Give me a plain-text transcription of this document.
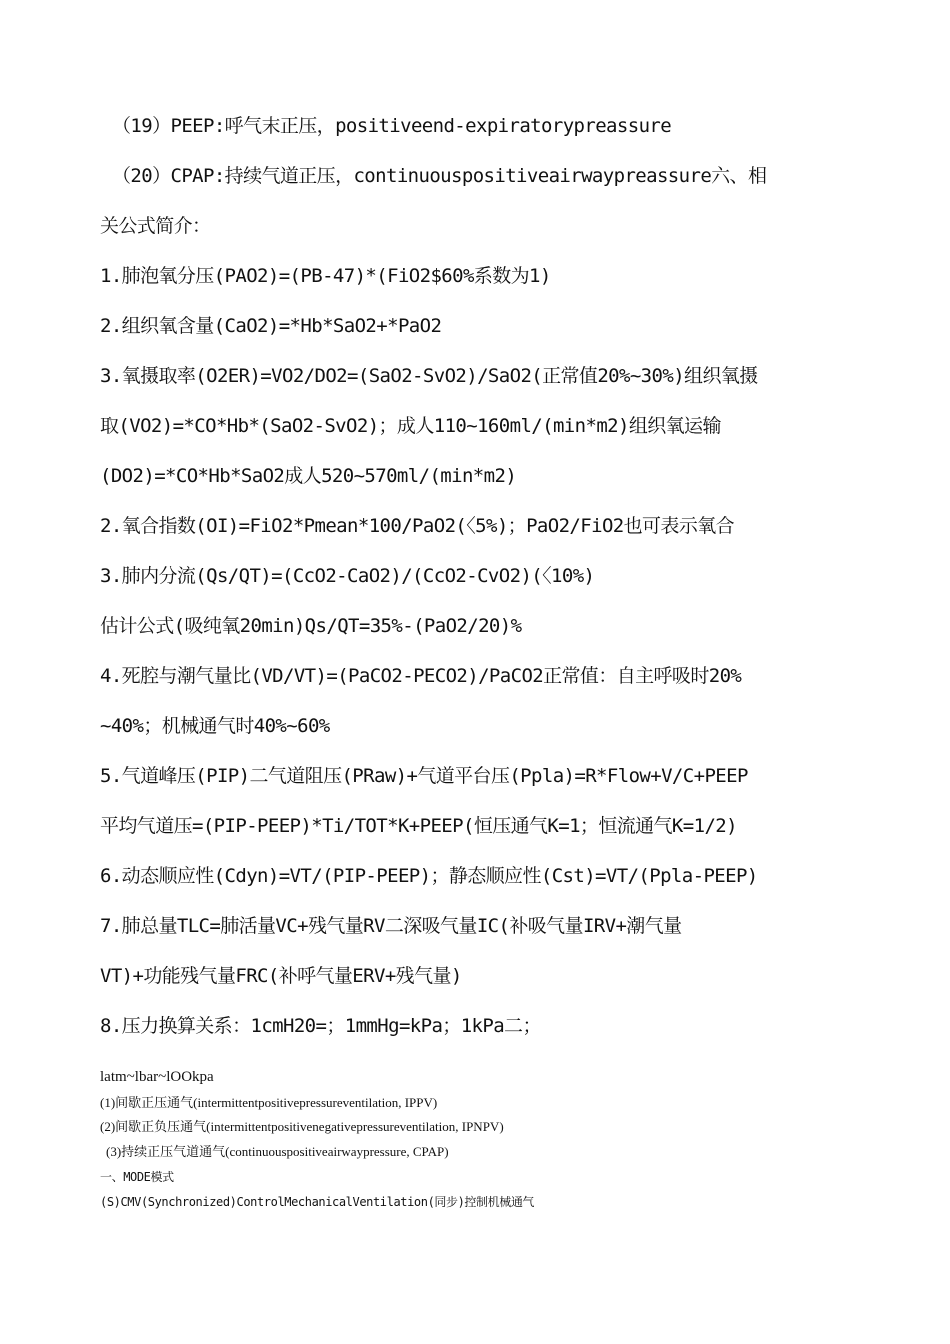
（19）PEEP:呼气末正压，positiveend-expiratorypreassure
（20）CPAP:持续气道正压，continuouspositiveairwaypreassure六、相
关公式简介：
1.肺泡氧分压(PAO2)=(PB-47)*(FiO2$60%系数为1)
2.组织氧含量(CaO2)=*Hb*SaO2+*PaO2
3.氧摄取率(O2ER)=VO2/DO2=(SaO2-SvO2)/SaO2(正常值20%~30%)组织氧摄
取(VO2)=*CO*Hb*(SaO2-SvO2)；成人110~160ml/(min*m2)组织氧运输
(DO2)=*CO*Hb*SaO2成人520~570ml/(min*m2)
2.氧合指数(OI)=FiO2*Pmean*100/PaO2(〈5%)；PaO2/FiO2也可表示氧合
3.肺内分流(Qs/QT)=(CcO2-CaO2)/(CcO2-CvO2)(〈10%)
估计公式(吸纯氧20min)Qs/QT=35%-(PaO2/20)%
4.死腔与潮气量比(VD/VT)=(PaCO2-PECO2)/PaCO2正常值：自主呼吸时20%
~40%；机械通气时40%~60%
5.气道峰压(PIP)二气道阻压(PRaw)+气道平台压(Ppla)=R*Flow+V/C+PEEP
平均气道压=(PIP-PEEP)*Ti/TOT*K+PEEP(恒压通气K=1；恒流通气K=1/2)
6.动态顺应性(Cdyn)=VT/(PIP-PEEP)；静态顺应性(Cst)=VT/(Ppla-PEEP)
7.肺总量TLC=肺活量VC+残气量RV二深吸气量IC(补吸气量IRV+潮气量
VT)+功能残气量FRC(补呼气量ERV+残气量)
8.压力换算关系：1cmH20=；1mmHg=kPa；1kPa二；
latm~lbar~lOOkpa
(1)间歇正压通气(intermittentpositivepressureventilation, IPPV)
(2)间歇正负压通气(intermittentpositivenegativepressureventilation, IPNPV)
(3)持续正压气道通气(continuouspositiveairwaypressure, CPAP)
一、MODE模式
(S)CMV(Synchronized)ControlMechanicalVentilation(同步)控制机械通气
